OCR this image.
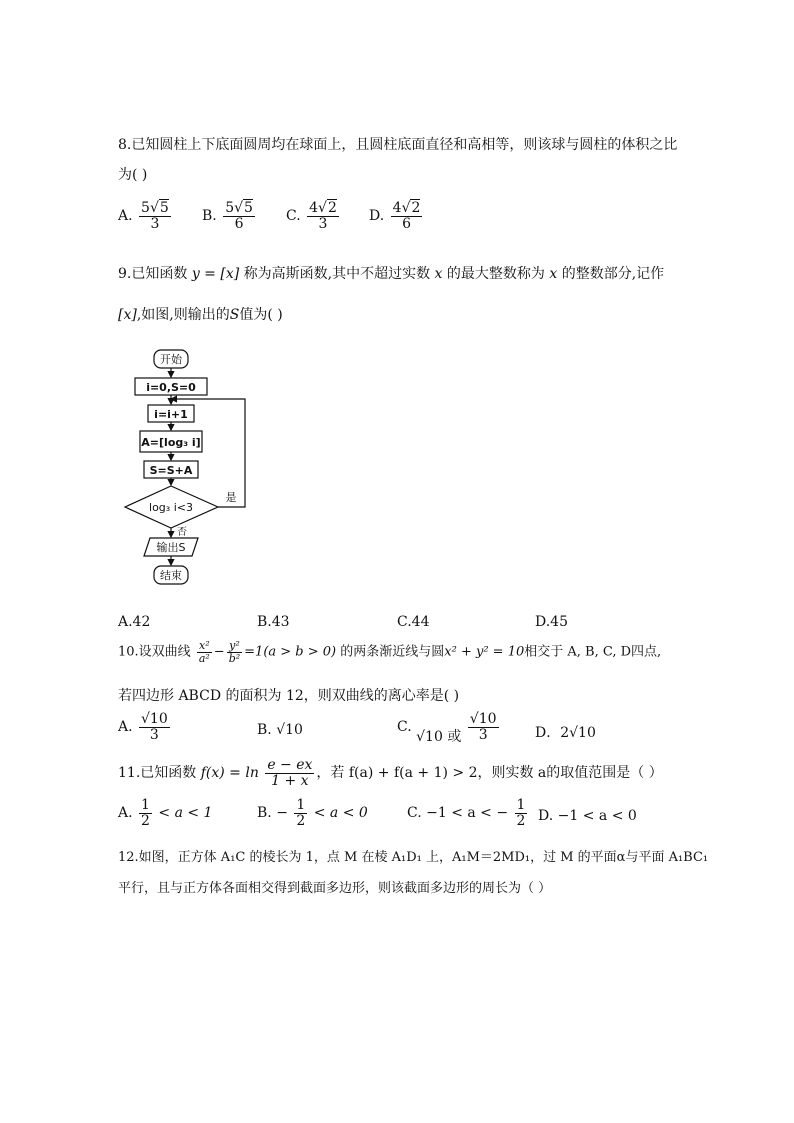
8.已知圆柱上下底面圆周均在球面上，且圆柱底面直径和高相等，则该球与圆柱的体积之比
为( )
A. $\frac{5√5}{3} B$. $\frac{5√5}{6} C$. $\frac{4√2}{3} D$. $\frac{4√2}{6}$
9.已知函数 y = [x] 称为高斯函数,其中不超过实数 x 的最大整数称为 x 的整数部分,记作
[x],如图,则输出的S值为( )
开始
i=0,S=0
i=i+1
A=[log₃ i]
S=S+A
log₃ i<3
是
否
输出S
结束
A.42	B.43	C.44	D.45
10.设双曲线 $\frac{\text{x²}}{\text{a²}} - \frac{\text{y²}}{\text{b²}} =1(a > b > 0)$ 的两条渐近线与圆x² + y² = 10相交于 A, B, C, D四点,
若四边形 ABCD 的面积为 12，则双曲线的离心率是( )
A. $\frac{√10}{3}$	B. √10	C. √10 或 $\frac{√10}{3}$	D．2√10
11.已知函数 $f(x) = \ln \frac{e - ex}{1 + x}$ ，若 f(a) + f(a + 1) > 2，则实数 a的取值范围是（ ）
A. $\frac{1}{2} < a < 1$	B. − $\frac{1}{2} < a < 0$	C. −1 < a < − $\frac{1}{2} D$. −1 < a < 0
12.如图，正方体 A₁C 的棱长为 1，点 M 在棱 A₁D₁ 上，A₁M＝2MD₁，过 M 的平面α与平面 A₁BC₁
平行，且与正方体各面相交得到截面多边形，则该截面多边形的周长为（ ）
